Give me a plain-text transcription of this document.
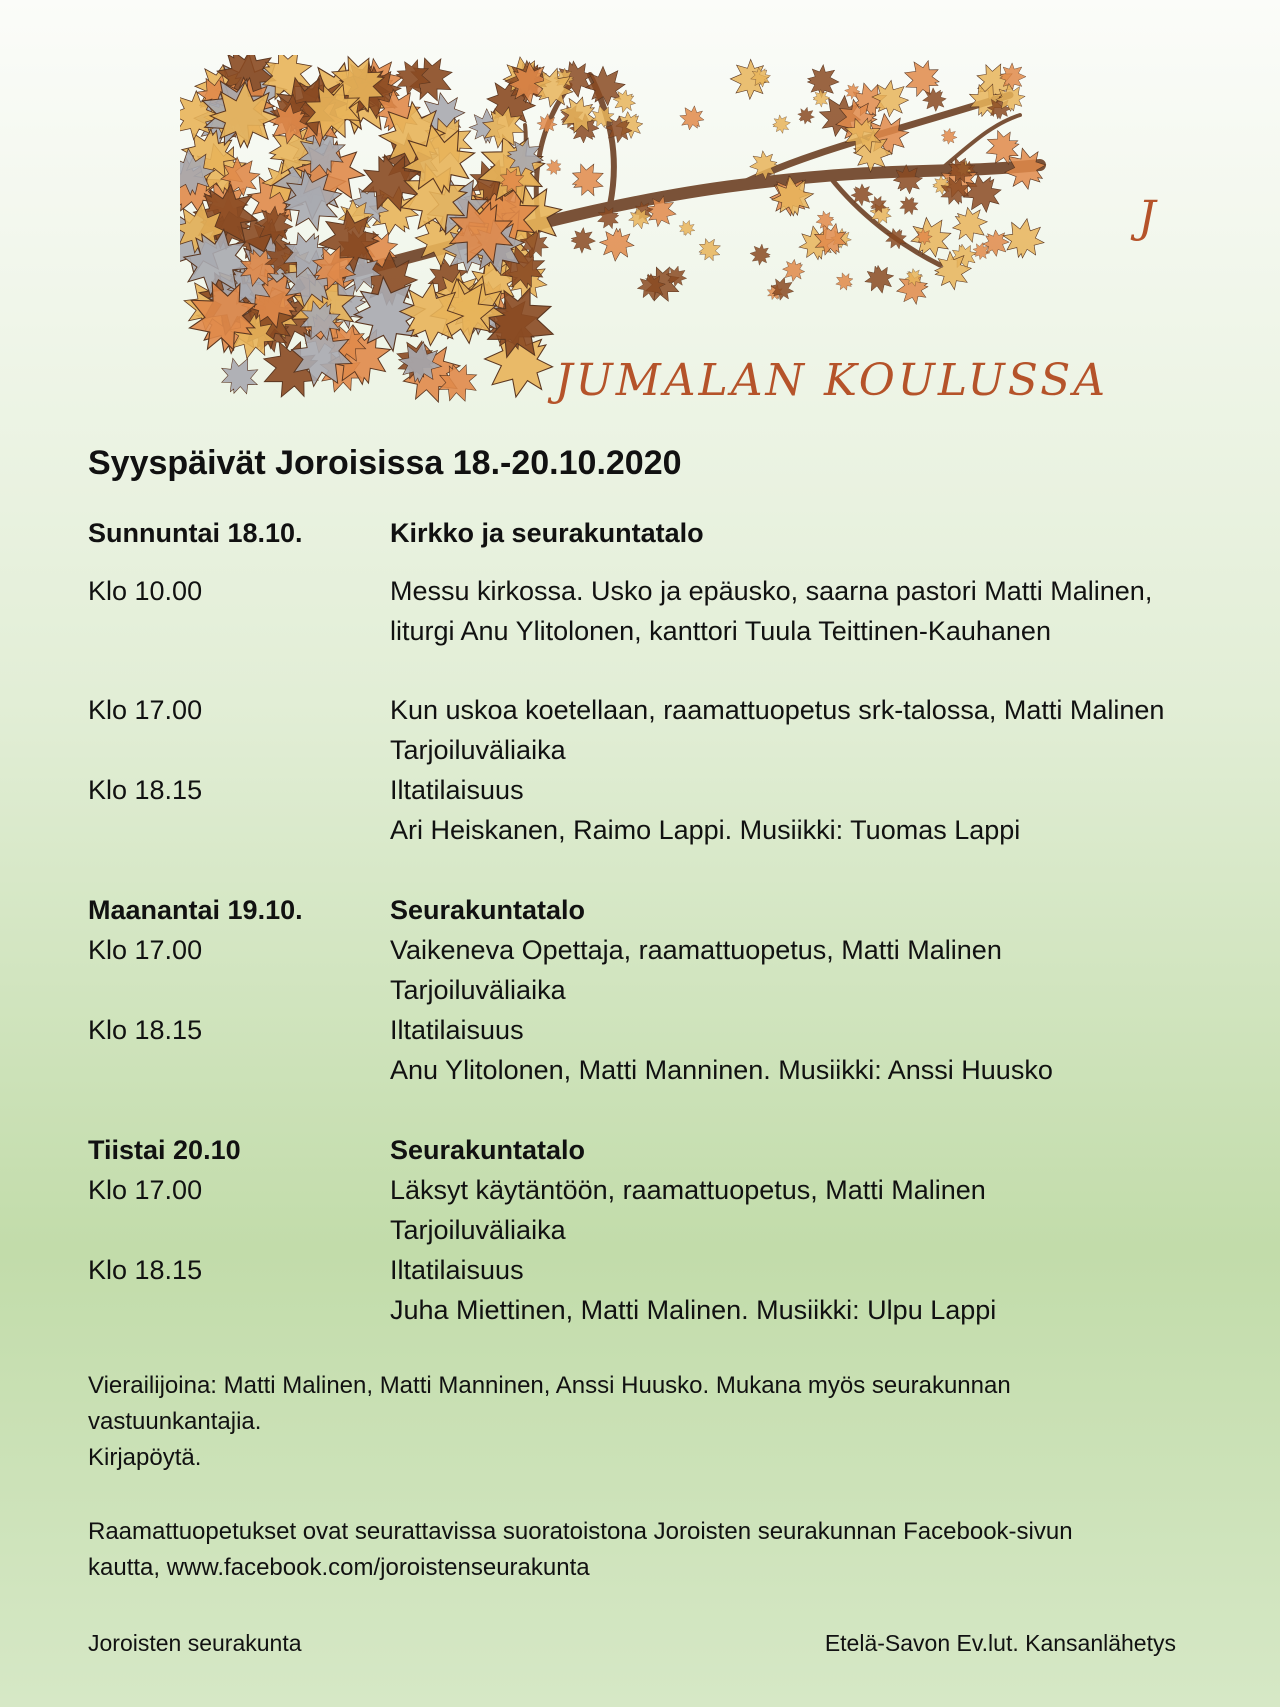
J
JUMALAN KOULUSSA
Syyspäivät Joroisissa 18.-20.10.2020
Sunnuntai 18.10.	Kirkko ja seurakuntatalo
Klo 10.00	Messu kirkossa. Usko ja epäusko, saarna pastori Matti Malinen,
liturgi Anu Ylitolonen, kanttori Tuula Teittinen-Kauhanen
Klo 17.00	Kun uskoa koetellaan, raamattuopetus srk-talossa, Matti Malinen
Tarjoiluväliaika
Klo 18.15	Iltatilaisuus
Ari Heiskanen, Raimo Lappi. Musiikki: Tuomas Lappi
Maanantai 19.10.	Seurakuntatalo
Klo 17.00	Vaikeneva Opettaja, raamattuopetus, Matti Malinen
Tarjoiluväliaika
Klo 18.15	Iltatilaisuus
Anu Ylitolonen, Matti Manninen. Musiikki: Anssi Huusko
Tiistai 20.10	Seurakuntatalo
Klo 17.00	Läksyt käytäntöön, raamattuopetus, Matti Malinen
Tarjoiluväliaika
Klo 18.15	Iltatilaisuus
Juha Miettinen, Matti Malinen. Musiikki: Ulpu Lappi
Vierailijoina: Matti Malinen, Matti Manninen, Anssi Huusko. Mukana myös seurakunnan
vastuunkantajia.
Kirjapöytä.
Raamattuopetukset ovat seurattavissa suoratoistona Joroisten seurakunnan Facebook-sivun
kautta, www.facebook.com/joroistenseurakunta
Joroisten seurakunta	Etelä-Savon Ev.lut. Kansanlähetys
